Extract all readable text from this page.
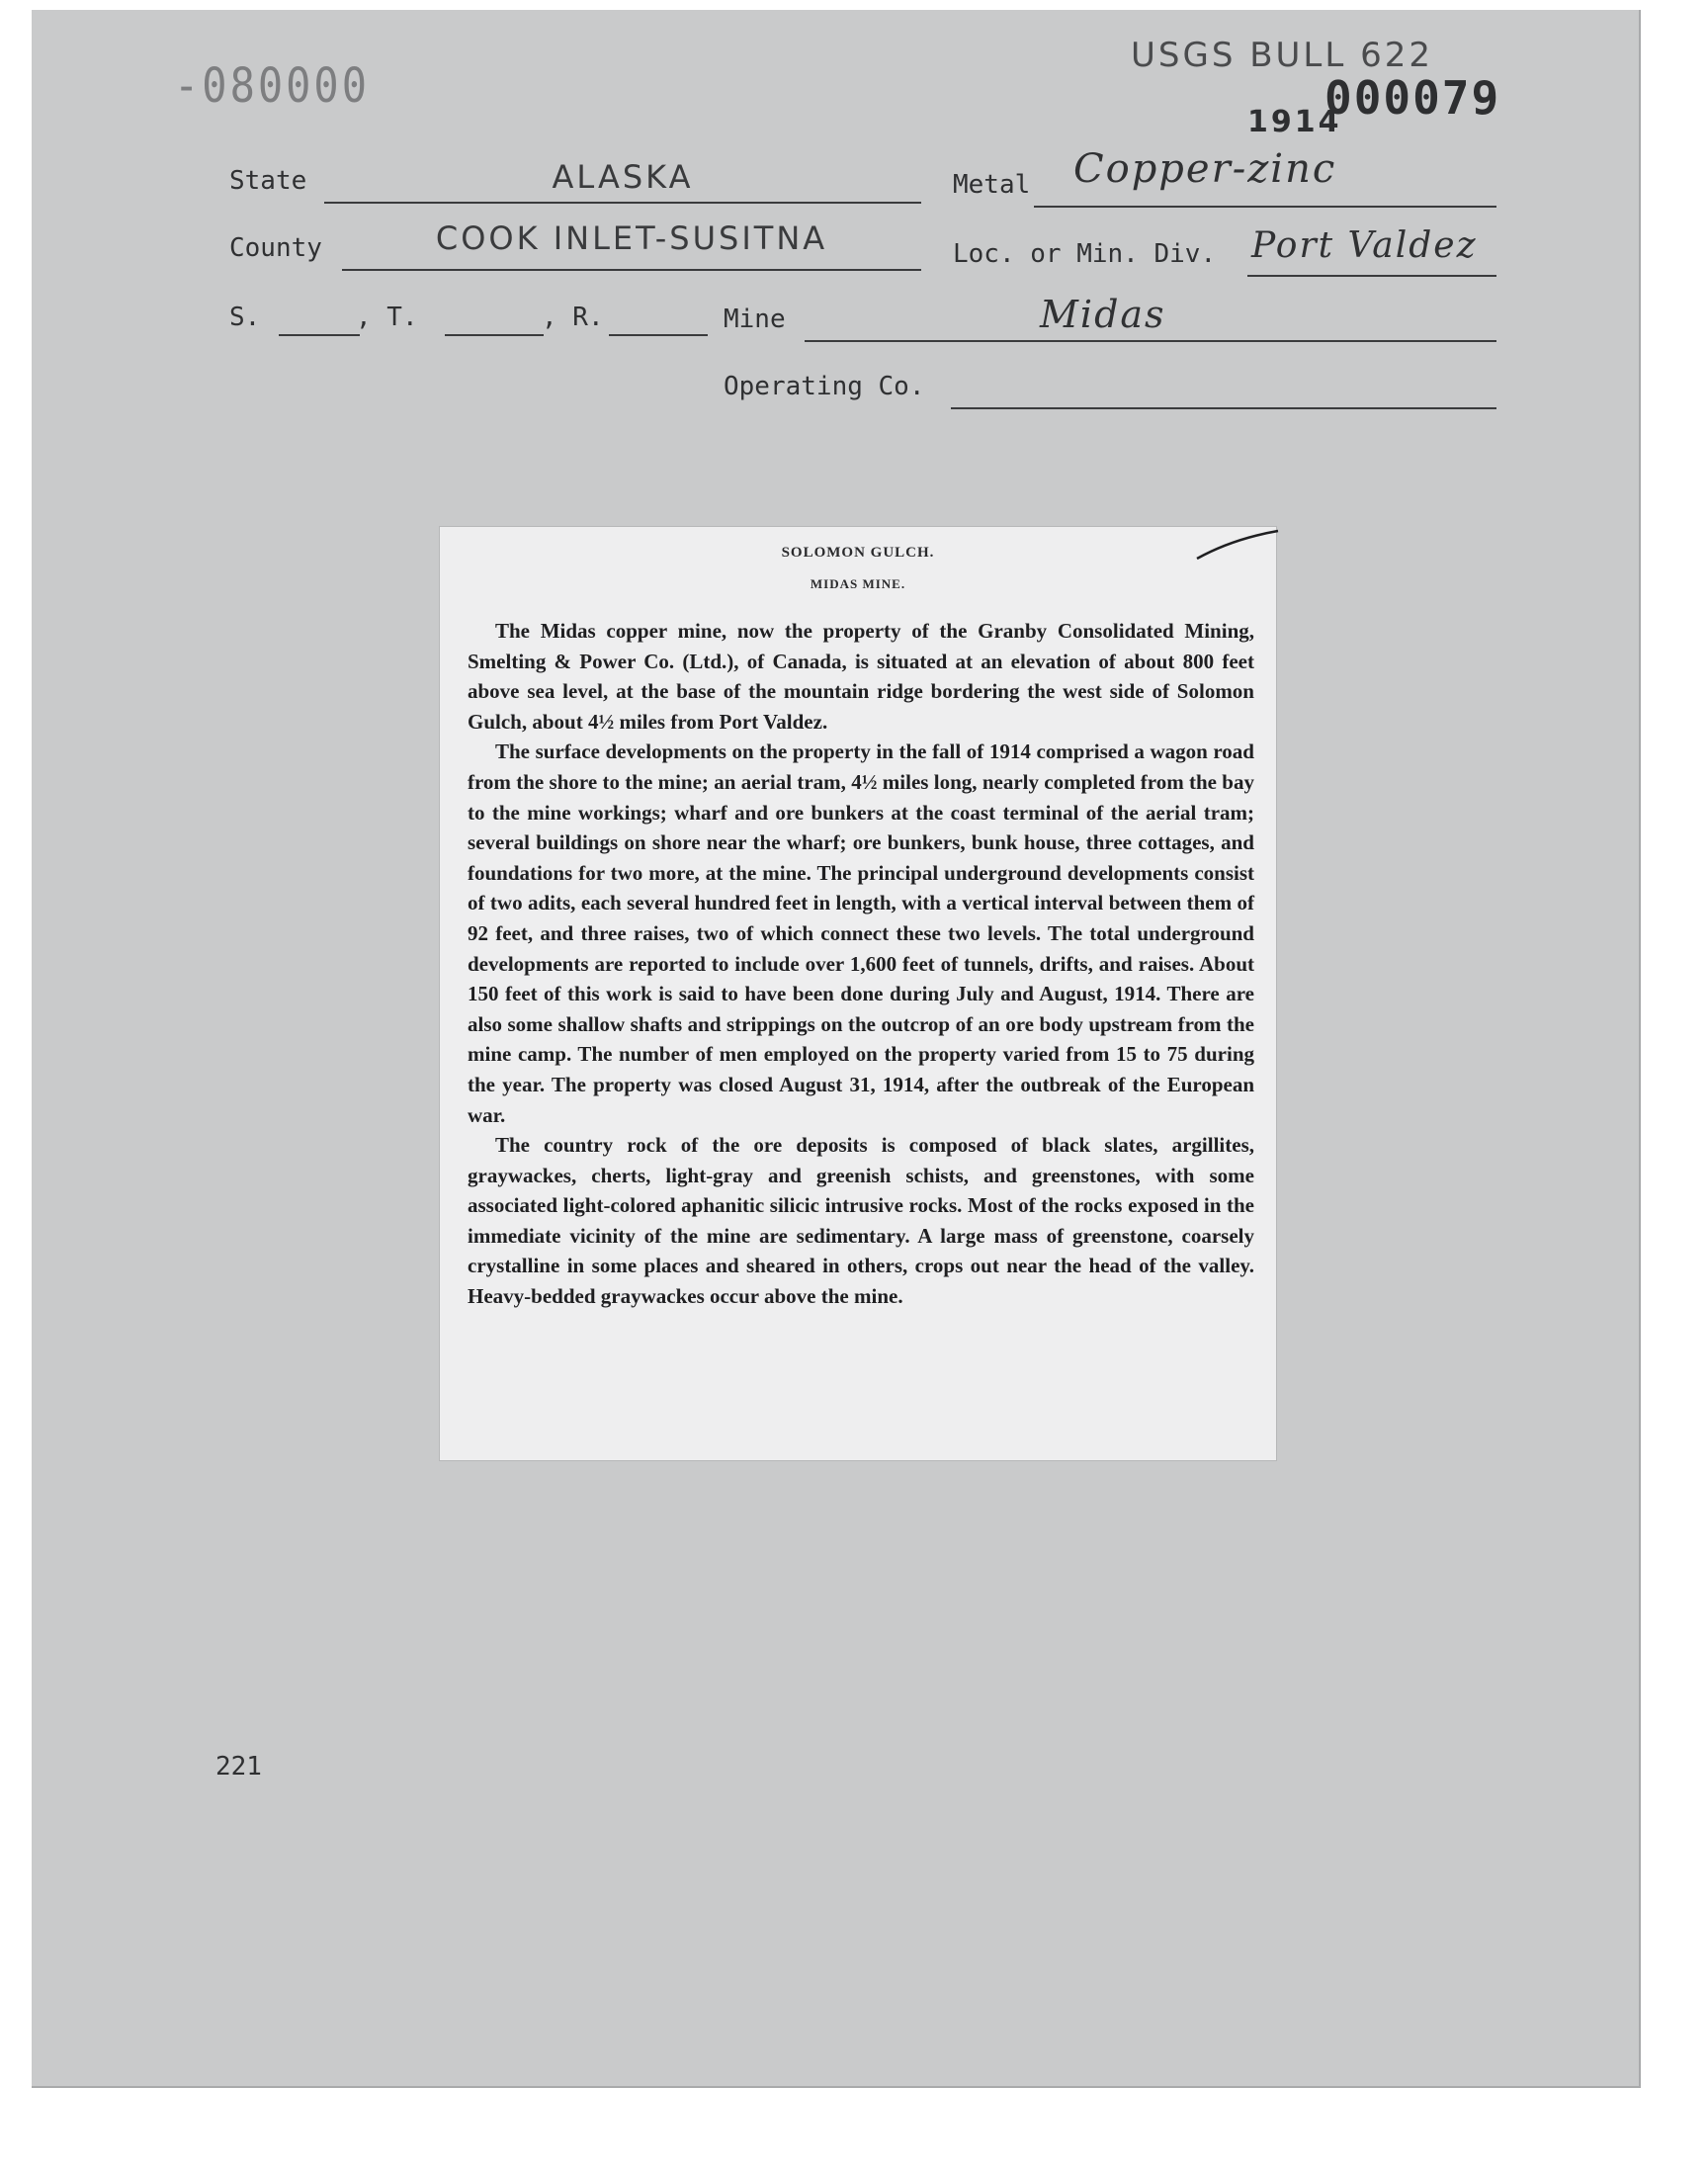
-080000
USGS BULL 622
000079
1914
State	ALASKA	Metal Copper-zinc
County	COOK INLET-SUSITNA	Loc. or Min. Div. Port Valdez
S.	, T.	, R.	Mine	Midas
Operating Co.
SOLOMON GULCH.
MIDAS MINE.

The Midas copper mine, now the property of the Granby Consolidated Mining, Smelting & Power Co. (Ltd.), of Canada, is situated at an elevation of about 800 feet above sea level, at the base of the mountain ridge bordering the west side of Solomon Gulch, about 4½ miles from Port Valdez.

The surface developments on the property in the fall of 1914 comprised a wagon road from the shore to the mine; an aerial tram, 4½ miles long, nearly completed from the bay to the mine workings; wharf and ore bunkers at the coast terminal of the aerial tram; several buildings on shore near the wharf; ore bunkers, bunk house, three cottages, and foundations for two more, at the mine. The principal underground developments consist of two adits, each several hundred feet in length, with a vertical interval between them of 92 feet, and three raises, two of which connect these two levels. The total underground developments are reported to include over 1,600 feet of tunnels, drifts, and raises. About 150 feet of this work is said to have been done during July and August, 1914. There are also some shallow shafts and strippings on the outcrop of an ore body upstream from the mine camp. The number of men employed on the property varied from 15 to 75 during the year. The property was closed August 31, 1914, after the outbreak of the European war.

The country rock of the ore deposits is composed of black slates, argillites, graywackes, cherts, light-gray and greenish schists, and greenstones, with some associated light-colored aphanitic silicic intrusive rocks. Most of the rocks exposed in the immediate vicinity of the mine are sedimentary. A large mass of greenstone, coarsely crystalline in some places and sheared in others, crops out near the head of the valley. Heavy-bedded graywackes occur above the mine.

221
